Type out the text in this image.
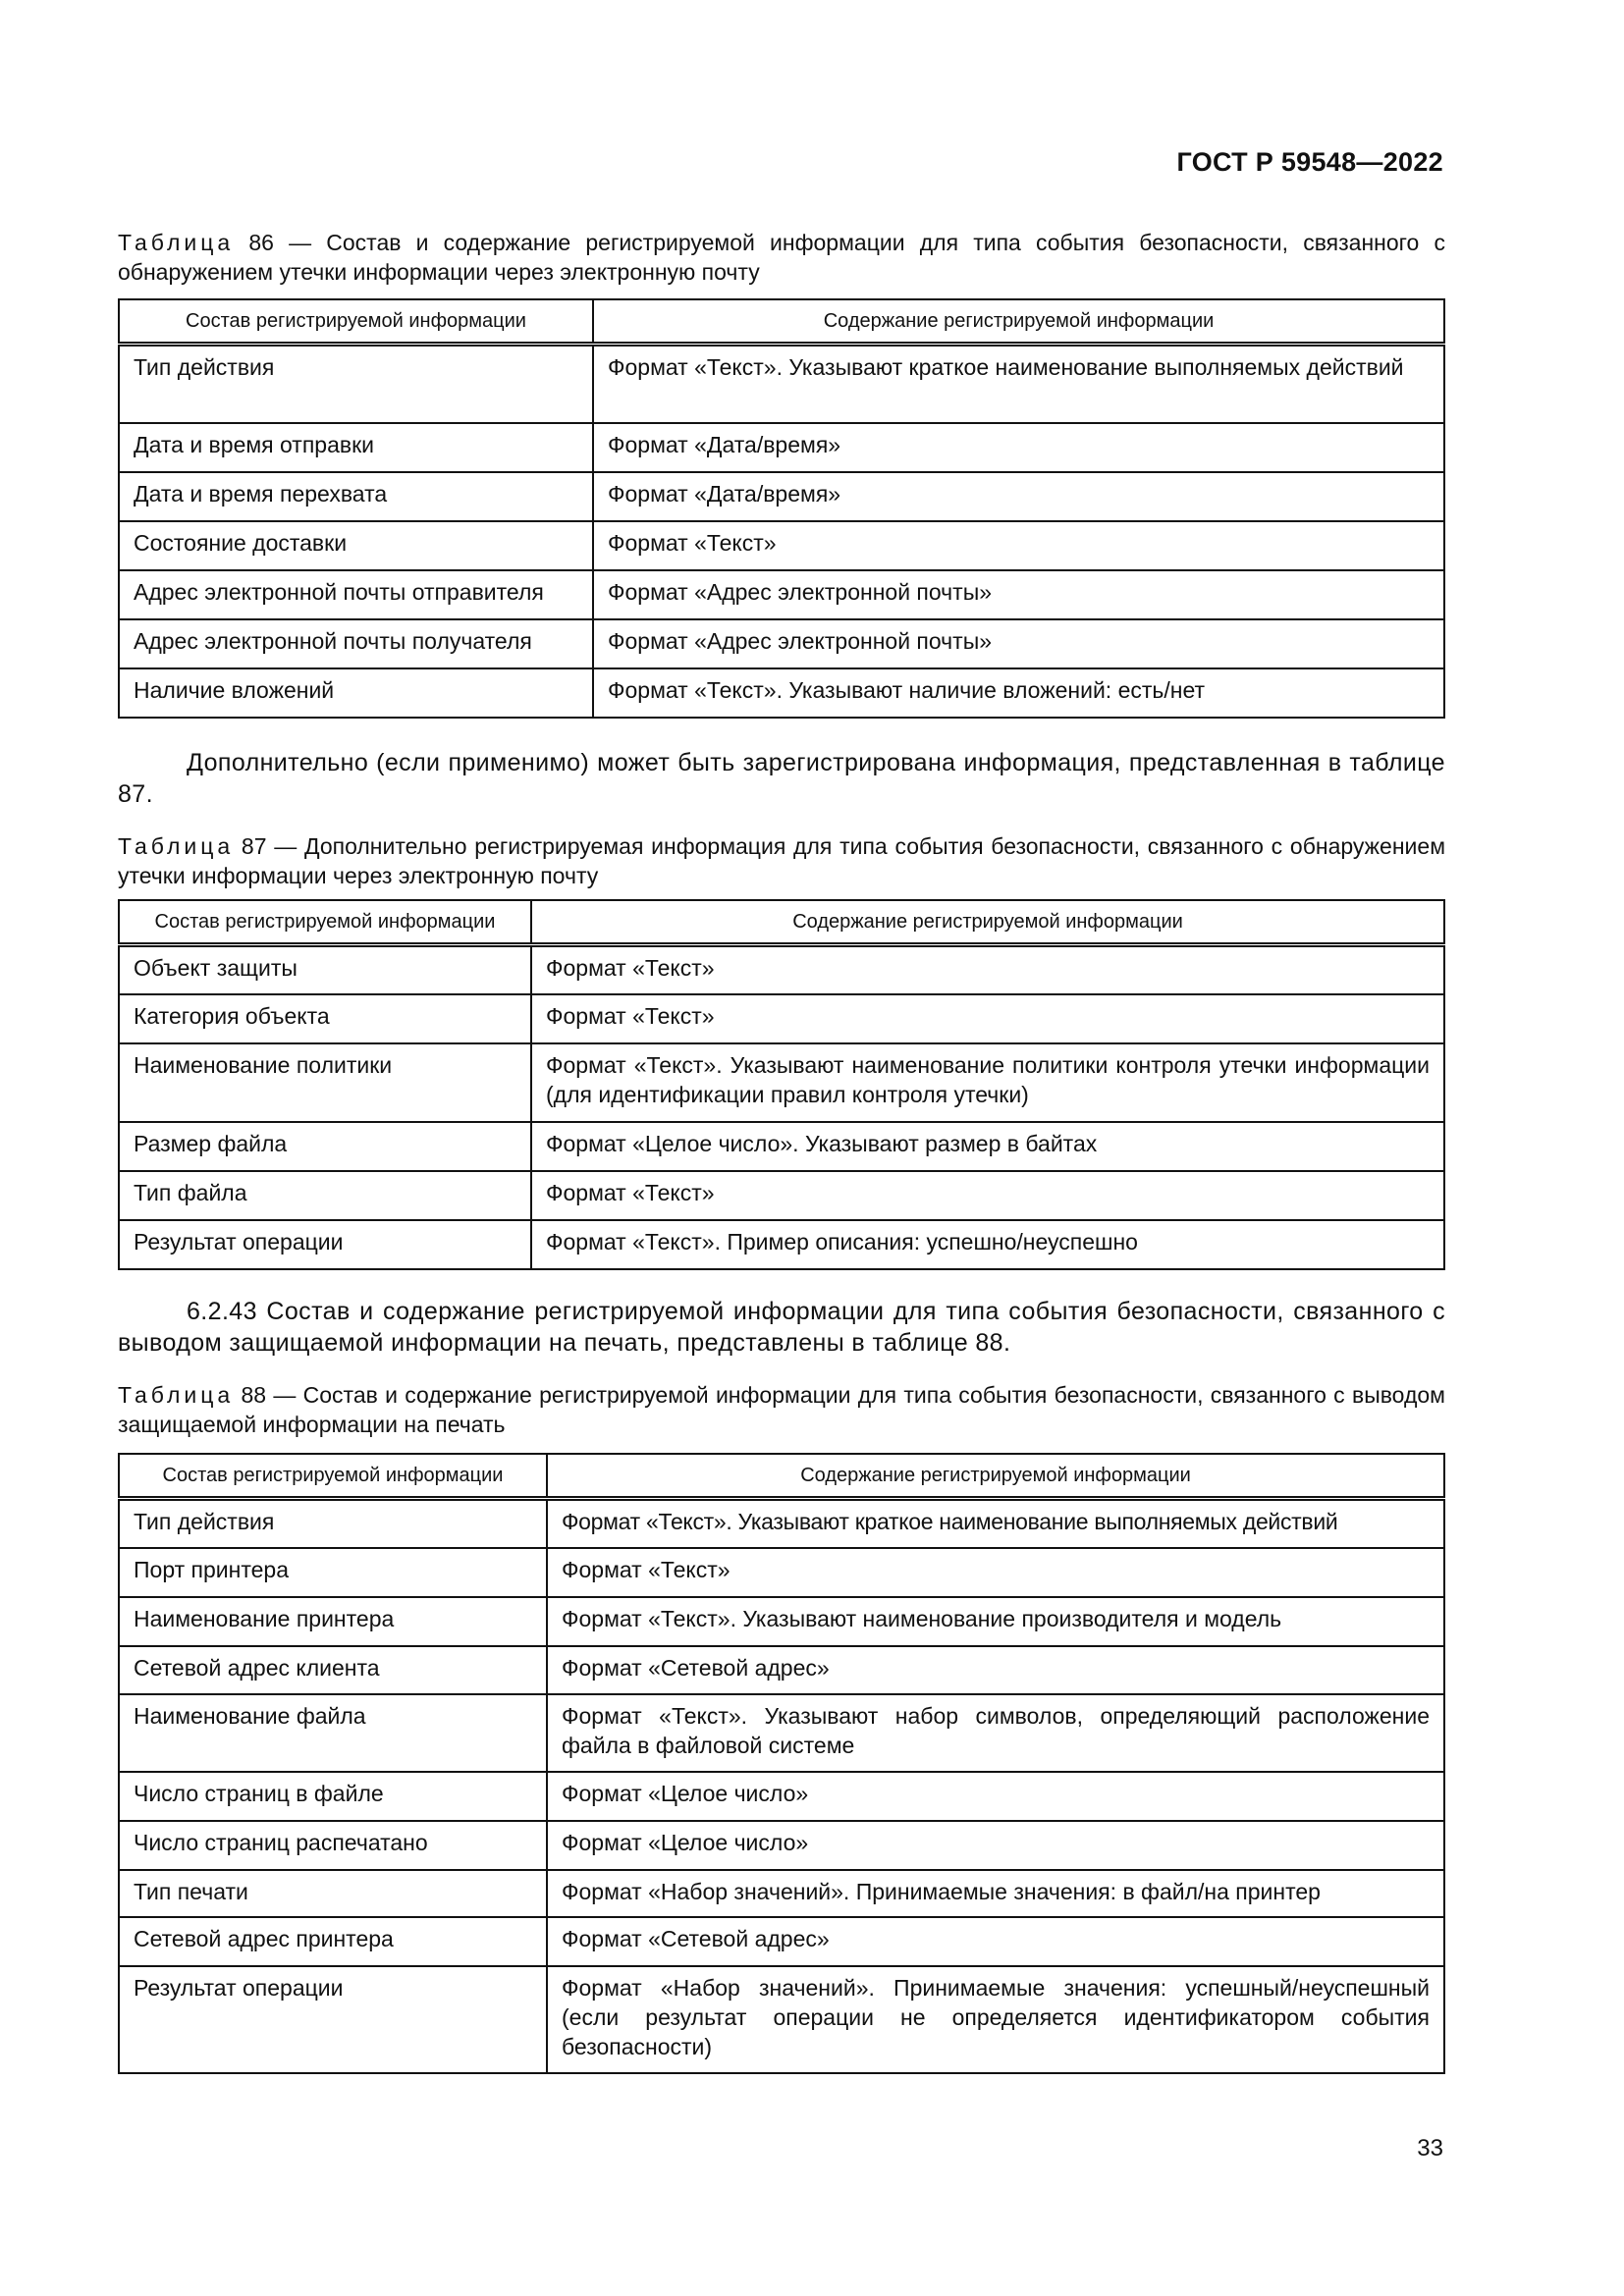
ГОСТ Р 59548—2022
Таблица 86 — Состав и содержание регистрируемой информации для типа события безопасности, связанного с обнаружением утечки информации через электронную почту
Состав регистрируемой информации	Содержание регистрируемой информации
Тип действия	Формат «Текст». Указывают краткое наименование выполняемых действий
Дата и время отправки	Формат «Дата/время»
Дата и время перехвата	Формат «Дата/время»
Состояние доставки	Формат «Текст»
Адрес электронной почты отправителя	Формат «Адрес электронной почты»
Адрес электронной почты получателя	Формат «Адрес электронной почты»
Наличие вложений	Формат «Текст». Указывают наличие вложений: есть/нет
Дополнительно (если применимо) может быть зарегистрирована информация, представленная в таблице 87.
Таблица 87 — Дополнительно регистрируемая информация для типа события безопасности, связанного с обнаружением утечки информации через электронную почту
Состав регистрируемой информации	Содержание регистрируемой информации
Объект защиты	Формат «Текст»
Категория объекта	Формат «Текст»
Наименование политики	Формат «Текст». Указывают наименование политики контроля утечки информации (для идентификации правил контроля утечки)
Размер файла	Формат «Целое число». Указывают размер в байтах
Тип файла	Формат «Текст»
Результат операции	Формат «Текст». Пример описания: успешно/неуспешно
6.2.43 Состав и содержание регистрируемой информации для типа события безопасности, связанного с выводом защищаемой информации на печать, представлены в таблице 88.
Таблица 88 — Состав и содержание регистрируемой информации для типа события безопасности, связанного с выводом защищаемой информации на печать
Состав регистрируемой информации	Содержание регистрируемой информации
Тип действия	Формат «Текст». Указывают краткое наименование выполняемых действий
Порт принтера	Формат «Текст»
Наименование принтера	Формат «Текст». Указывают наименование производителя и модель
Сетевой адрес клиента	Формат «Сетевой адрес»
Наименование файла	Формат «Текст». Указывают набор символов, определяющий расположение файла в файловой системе
Число страниц в файле	Формат «Целое число»
Число страниц распечатано	Формат «Целое число»
Тип печати	Формат «Набор значений». Принимаемые значения: в файл/на принтер
Сетевой адрес принтера	Формат «Сетевой адрес»
Результат операции	Формат «Набор значений». Принимаемые значения: успешный/неуспешный (если результат операции не определяется идентификатором события безопасности)
33
